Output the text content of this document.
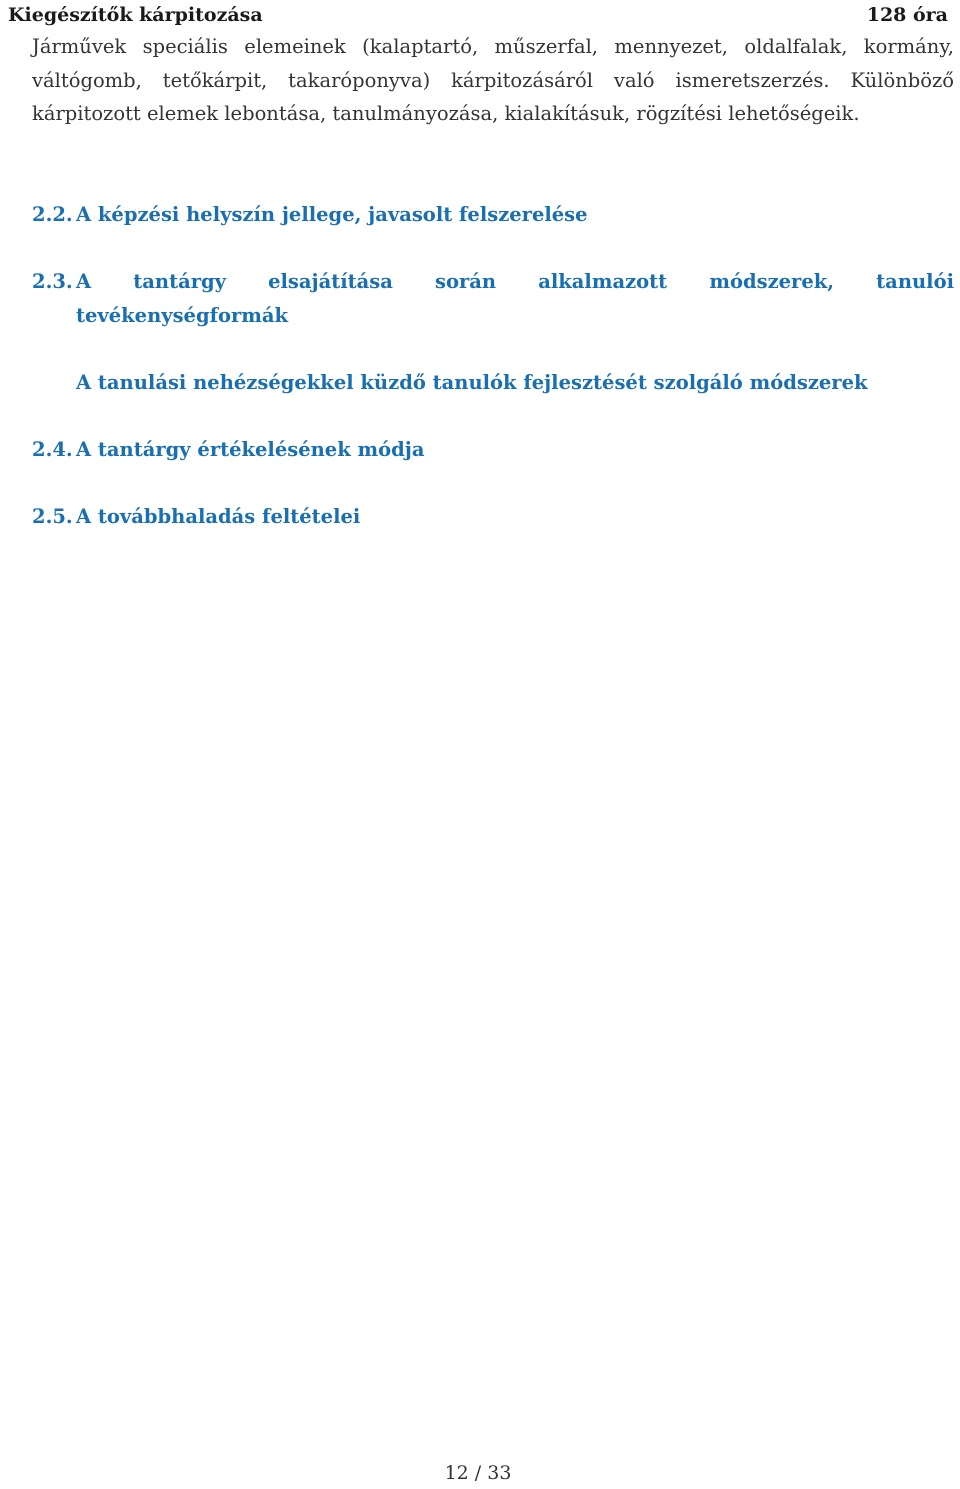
Kiegészítők kárpitozása	128 óra
Járművek speciális elemeinek (kalaptartó, műszerfal, mennyezet, oldalfalak, kormány, váltógomb, tetőkárpit, takaróponyva) kárpitozásáról való ismeretszerzés. Különböző kárpitozott elemek lebontása, tanulmányozása, kialakításuk, rögzítési lehetőségeik.
2.2. A képzési helyszín jellege, javasolt felszerelése
2.3. A tantárgy elsajátítása során alkalmazott módszerek, tanulói tevékenységformák
A tanulási nehézségekkel küzdő tanulók fejlesztését szolgáló módszerek
2.4. A tantárgy értékelésének módja
2.5. A továbbhaladás feltételei
12 / 33
